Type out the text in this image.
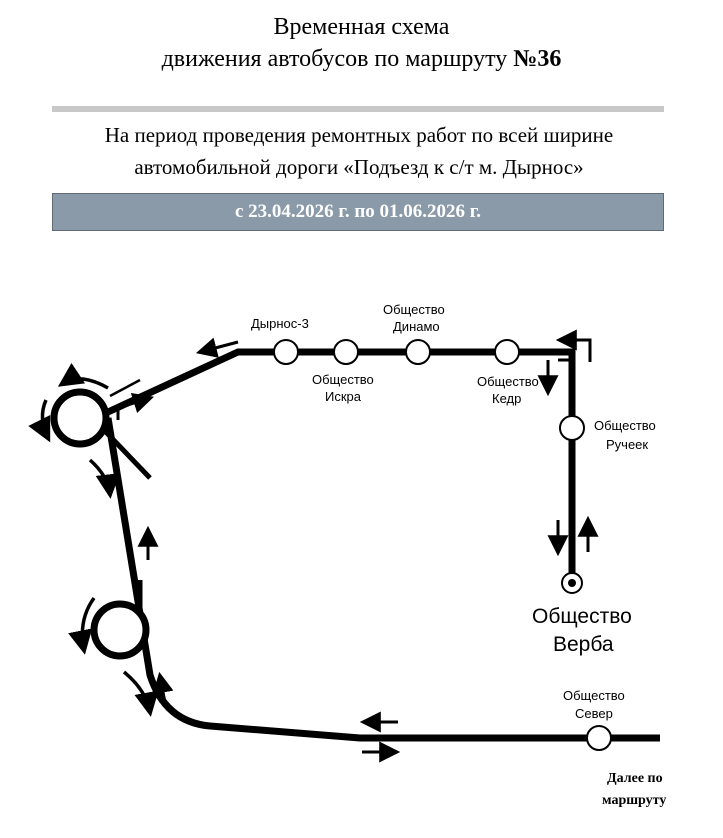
Временная схема
движения автобусов по маршруту №36
На период проведения ремонтных работ по всей ширине
автомобильной дороги «Подъезд к с/т м. Дырнос»
с 23.04.2026 г. по 01.06.2026 г.
Дырнос-3
Общество
Искра
Общество
Динамо
Общество
Кедр
Общество
Ручеек
Общество
Верба
Общество
Север
Далее по
маршруту
